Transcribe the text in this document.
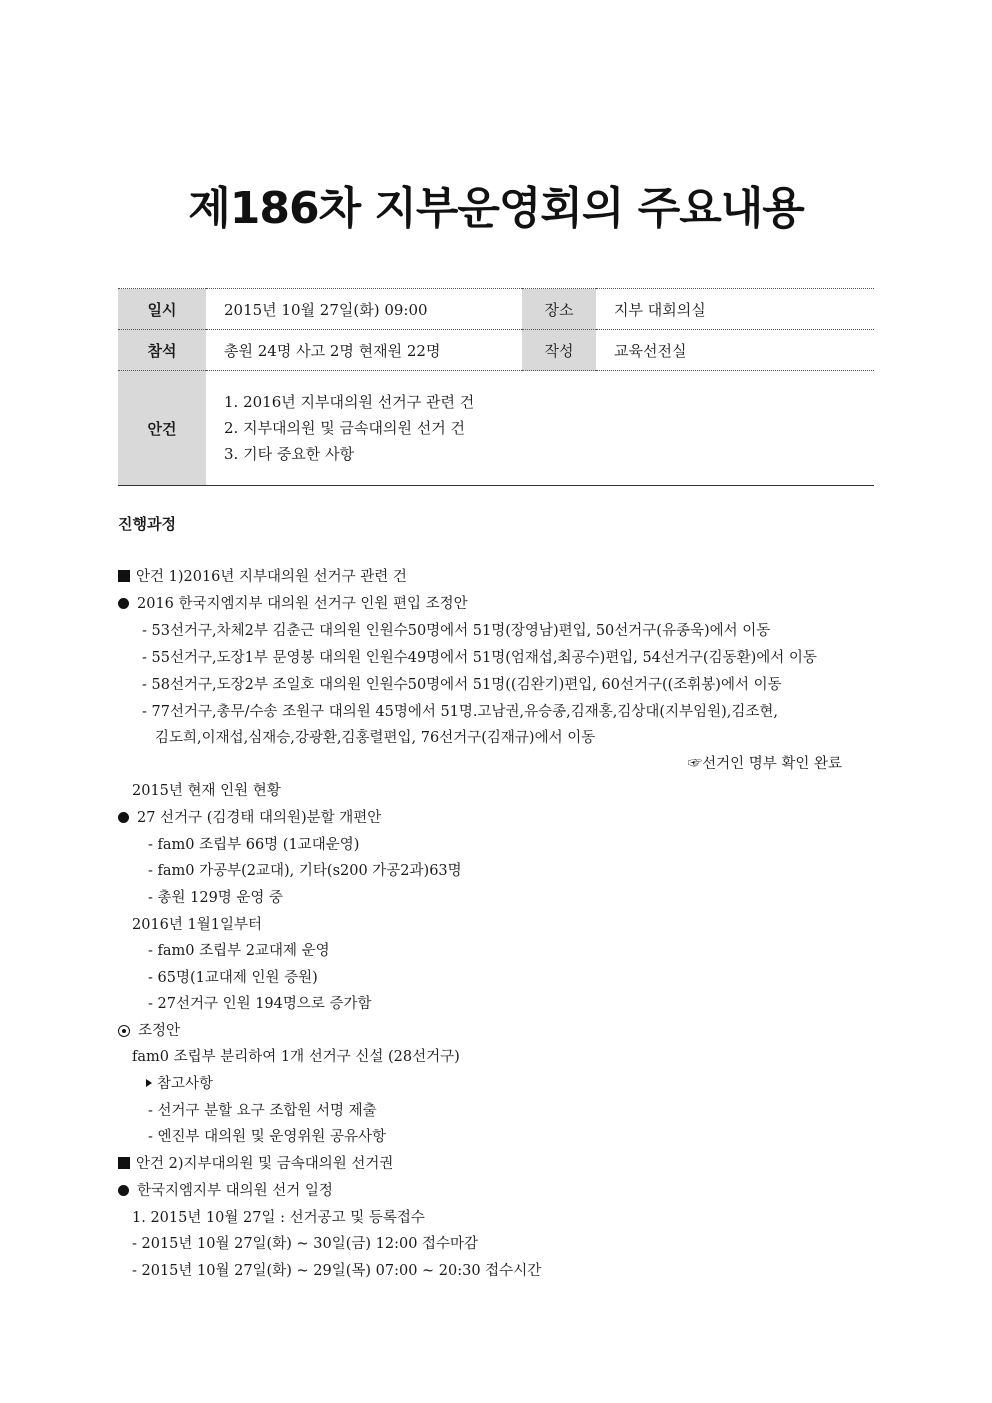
제186차 지부운영회의 주요내용
일시	2015년 10월 27일(화) 09:00	장소	지부 대회의실
참석	총원 24명 사고 2명 현재원 22명	작성	교육선전실
안건	1. 2016년 지부대의원 선거구 관련 건
2. 지부대의원 및 금속대의원 선거 건
3. 기타 중요한 사항		
진행과정
안건 1)2016년 지부대의원 선거구 관련 건
2016 한국지엠지부 대의원 선거구 인원 편입 조정안
- 53선거구,차체2부 김춘근 대의원 인원수50명에서 51명(장영남)편입, 50선거구(유종욱)에서 이동
- 55선거구,도장1부 문영봉 대의원 인원수49명에서 51명(엄재섭,최공수)편입, 54선거구(김동환)에서 이동
- 58선거구,도장2부 조일호 대의원 인원수50명에서 51명((김완기)편입, 60선거구((조휘봉)에서 이동
- 77선거구,총무/수송 조원구 대의원 45명에서 51명.고남권,유승종,김재홍,김상대(지부임원),김조현,
김도희,이재섭,심재승,강광환,김홍렬편입, 76선거구(김재규)에서 이동
☞선거인 명부 확인 완료
2015년 현재 인원 현황
27 선거구 (김경태 대의원)분할 개편안
- fam0 조립부 66명 (1교대운영)
- fam0 가공부(2교대), 기타(s200 가공2과)63명
- 총원 129명 운영 중
2016년 1월1일부터
- fam0 조립부 2교대제 운영
- 65명(1교대제 인원 증원)
- 27선거구 인원 194명으로 증가함
조정안
fam0 조립부 분리하여 1개 선거구 신설 (28선거구)
참고사항
- 선거구 분할 요구 조합원 서명 제출
- 엔진부 대의원 및 운영위원 공유사항
안건 2)지부대의원 및 금속대의원 선거권
한국지엠지부 대의원 선거 일정
1. 2015년 10월 27일 : 선거공고 및 등록접수
- 2015년 10월 27일(화) ~ 30일(금) 12:00 접수마감
- 2015년 10월 27일(화) ~ 29일(목) 07:00 ~ 20:30 접수시간
